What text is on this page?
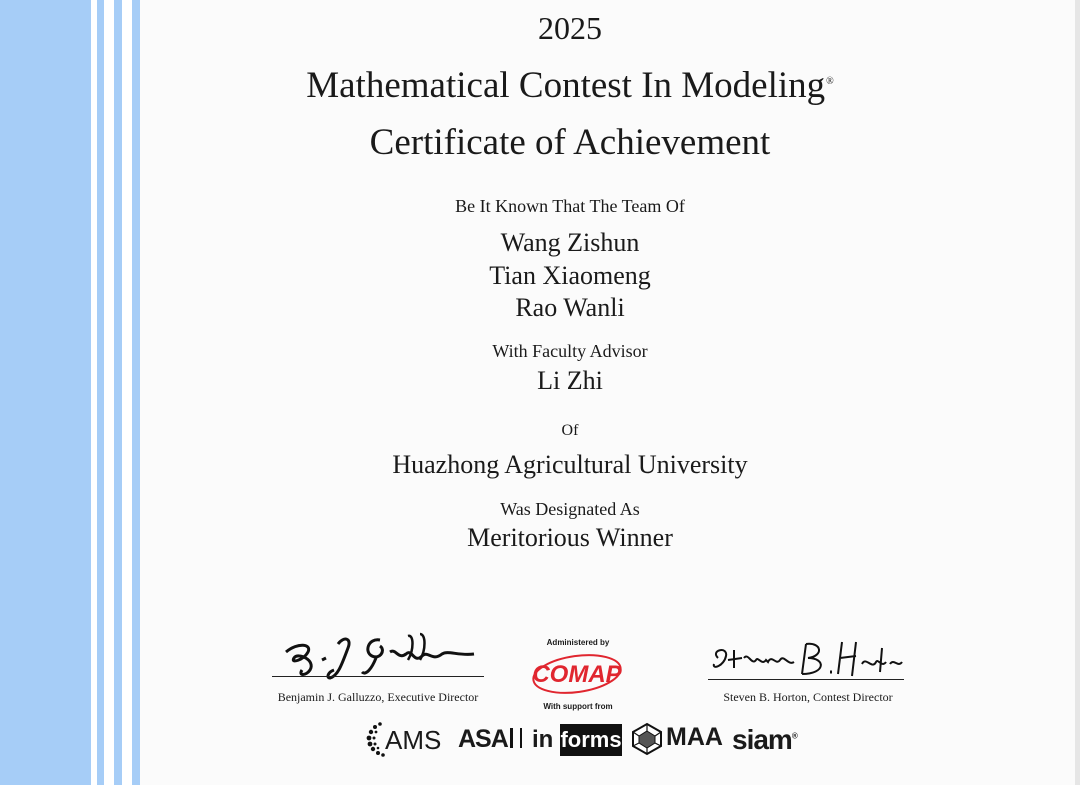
2025
Mathematical Contest In Modeling®
Certificate of Achievement
Be It Known That The Team Of
Wang Zishun
Tian Xiaomeng
Rao Wanli
With Faculty Advisor
Li Zhi
Of
Huazhong Agricultural University
Was Designated As
Meritorious Winner
Benjamin J. Galluzzo, Executive Director
Administered by
COMAP
With support from
Steven B. Horton, Contest Director
AMS ASA	in forms MAA siam®
